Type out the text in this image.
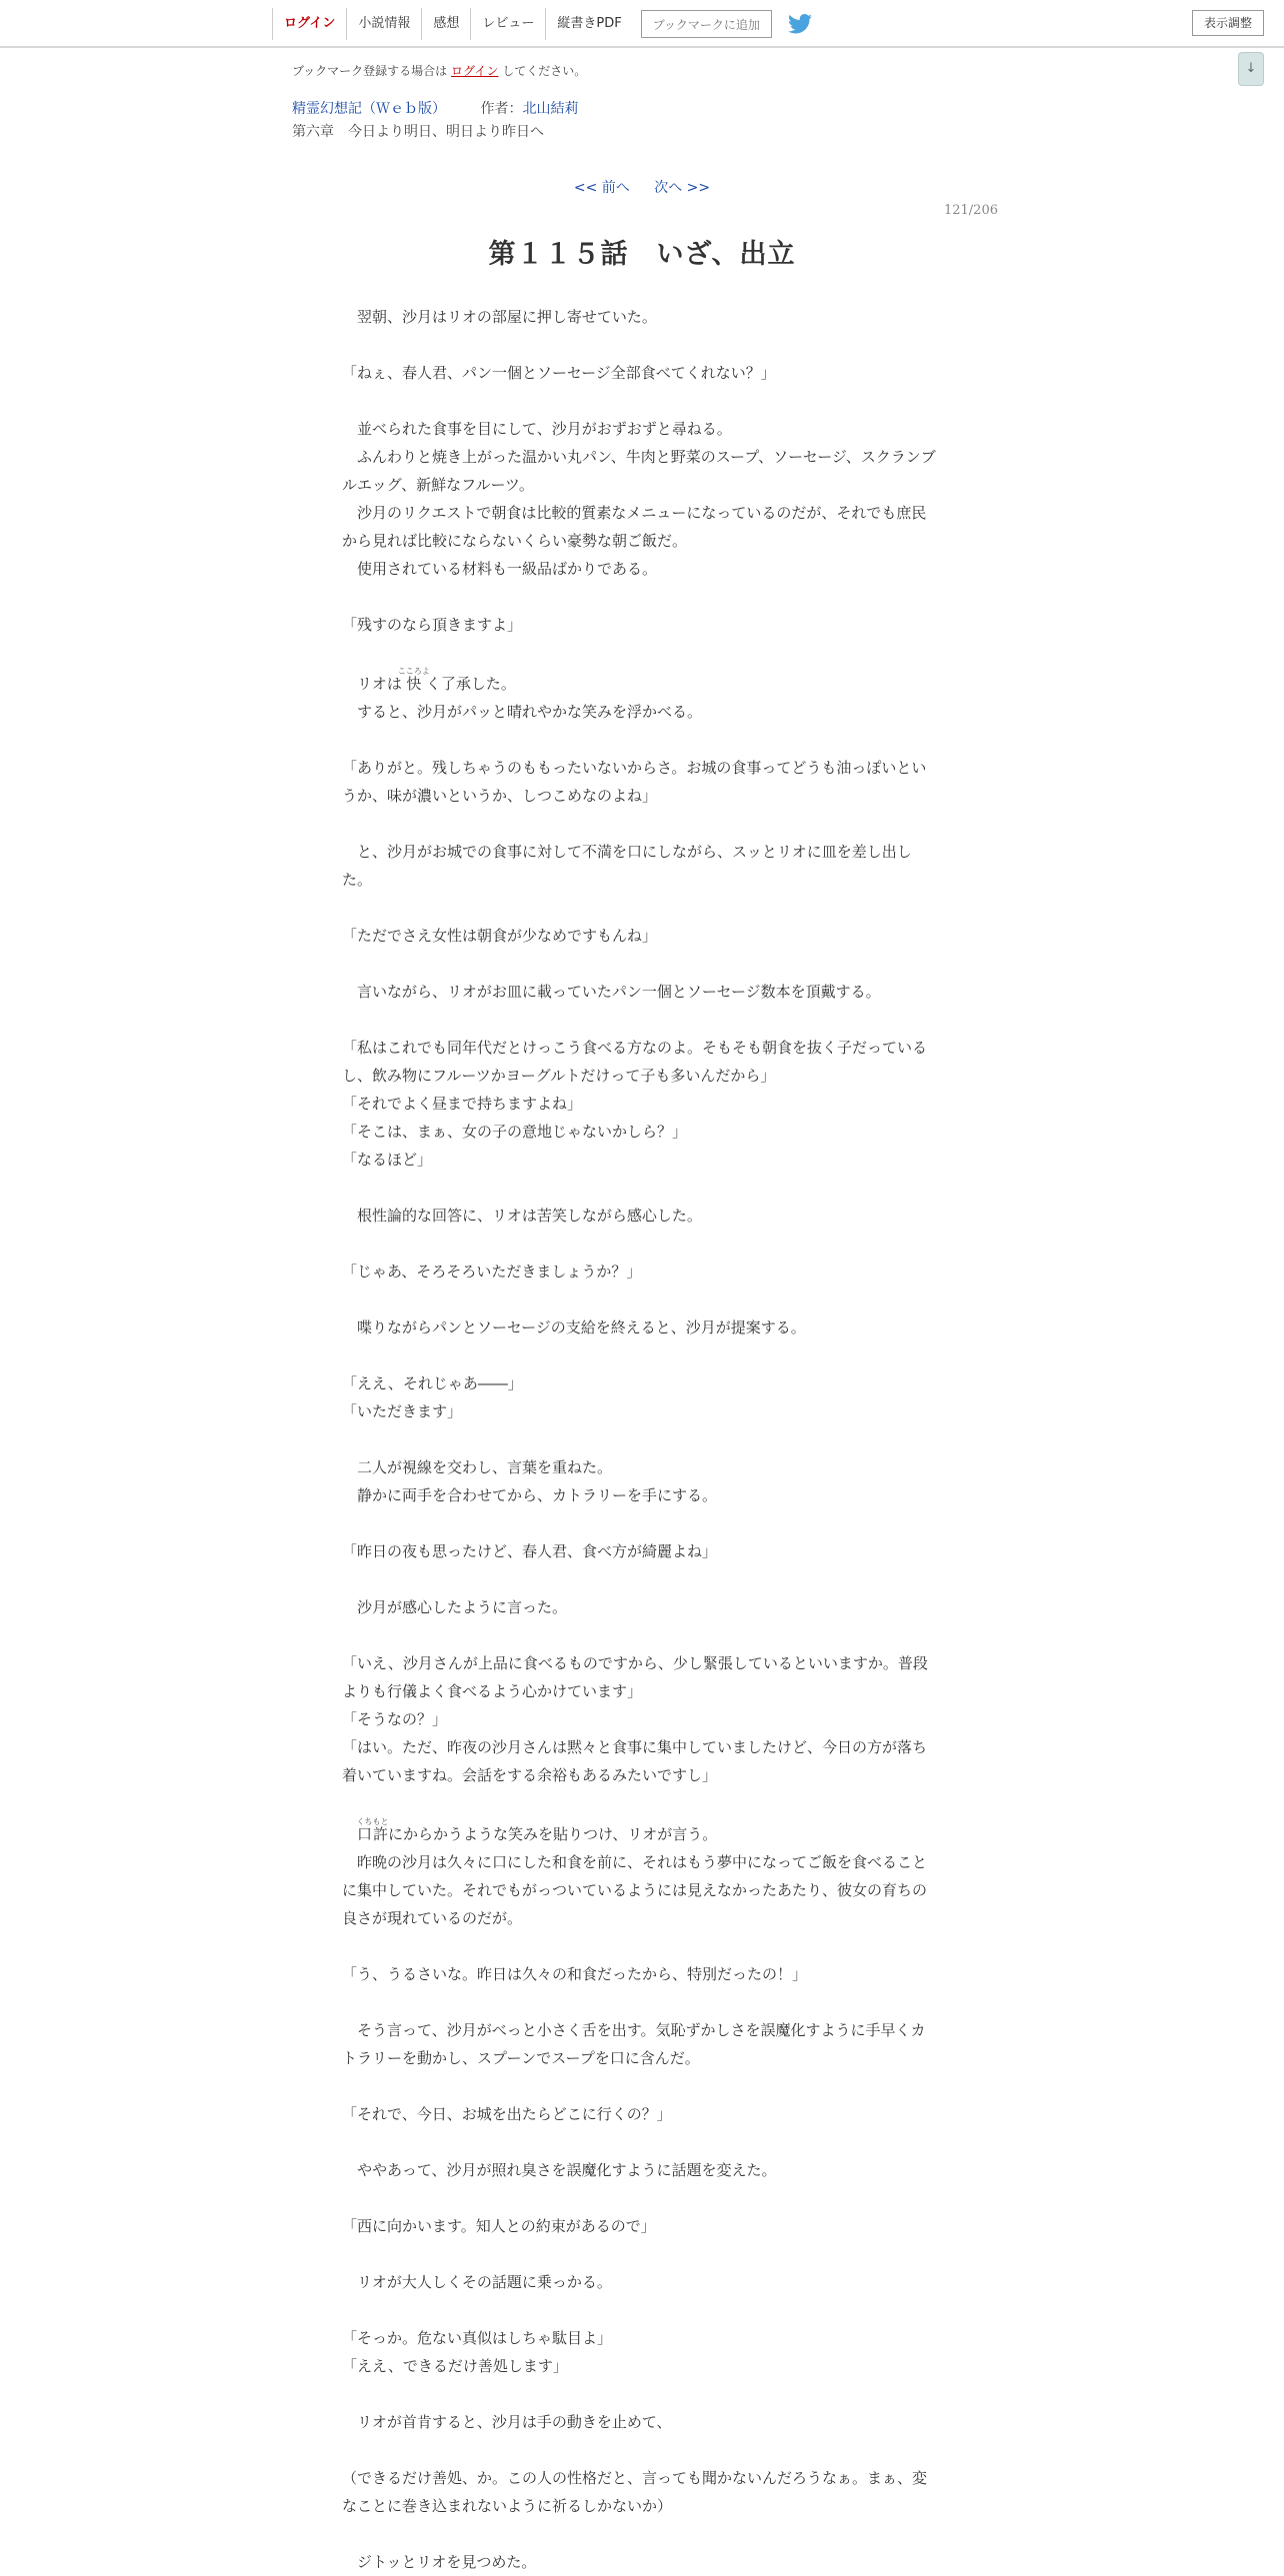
ログイン	小説情報	感想	レビュー	縦書きPDF	ブックマークに追加	表示調整
↓
ブックマーク登録する場合は ログイン してください。
精霊幻想記（Ｗｅｂ版） 作者：北山結莉
第六章　今日より明日、明日より昨日へ
<< 前へ 次へ >>
121/206
第１１５話　いざ、出立

　翌朝、沙月はリオの部屋に押し寄せていた。

「ねぇ、春人君、パン一個とソーセージ全部食べてくれない？」

　並べられた食事を目にして、沙月がおずおずと尋ねる。

　ふんわりと焼き上がった温かい丸パン、牛肉と野菜のスープ、ソーセージ、スクランブルエッグ、新鮮なフルーツ。

　沙月のリクエストで朝食は比較的質素なメニューになっているのだが、それでも庶民から見れば比較にならないくらい豪勢な朝ご飯だ。

　使用されている材料も一級品ばかりである。

「残すのなら頂きますよ」

　リオは快こころよく了承した。

　すると、沙月がパッと晴れやかな笑みを浮かべる。

「ありがと。残しちゃうのももったいないからさ。お城の食事ってどうも油っぽいというか、味が濃いというか、しつこめなのよね」

　と、沙月がお城での食事に対して不満を口にしながら、スッとリオに皿を差し出した。

「ただでさえ女性は朝食が少なめですもんね」

　言いながら、リオがお皿に載っていたパン一個とソーセージ数本を頂戴する。

「私はこれでも同年代だとけっこう食べる方なのよ。そもそも朝食を抜く子だっているし、飲み物にフルーツかヨーグルトだけって子も多いんだから」

「それでよく昼まで持ちますよね」

「そこは、まぁ、女の子の意地じゃないかしら？」

「なるほど」

　根性論的な回答に、リオは苦笑しながら感心した。

「じゃあ、そろそろいただきましょうか？」

　喋りながらパンとソーセージの支給を終えると、沙月が提案する。

「ええ、それじゃあ――」

「いただきます」

　二人が視線を交わし、言葉を重ねた。

　静かに両手を合わせてから、カトラリーを手にする。

「昨日の夜も思ったけど、春人君、食べ方が綺麗よね」

　沙月が感心したように言った。

「いえ、沙月さんが上品に食べるものですから、少し緊張しているといいますか。普段よりも行儀よく食べるよう心かけています」

「そうなの？」

「はい。ただ、昨夜の沙月さんは黙々と食事に集中していましたけど、今日の方が落ち着いていますね。会話をする余裕もあるみたいですし」

　口許くちもとにからかうような笑みを貼りつけ、リオが言う。

　昨晩の沙月は久々に口にした和食を前に、それはもう夢中になってご飯を食べることに集中していた。それでもがっついているようには見えなかったあたり、彼女の育ちの良さが現れているのだが。

「う、うるさいな。昨日は久々の和食だったから、特別だったの！」

　そう言って、沙月がべっと小さく舌を出す。気恥ずかしさを誤魔化すように手早くカトラリーを動かし、スプーンでスープを口に含んだ。

「それで、今日、お城を出たらどこに行くの？」

　ややあって、沙月が照れ臭さを誤魔化すように話題を変えた。

「西に向かいます。知人との約束があるので」

　リオが大人しくその話題に乗っかる。

「そっか。危ない真似はしちゃ駄目よ」

「ええ、できるだけ善処します」

　リオが首肯すると、沙月は手の動きを止めて、

（できるだけ善処、か。この人の性格だと、言っても聞かないんだろうなぁ。まぁ、変なことに巻き込まれないように祈るしかないか）

　ジトッとリオを見つめた。
